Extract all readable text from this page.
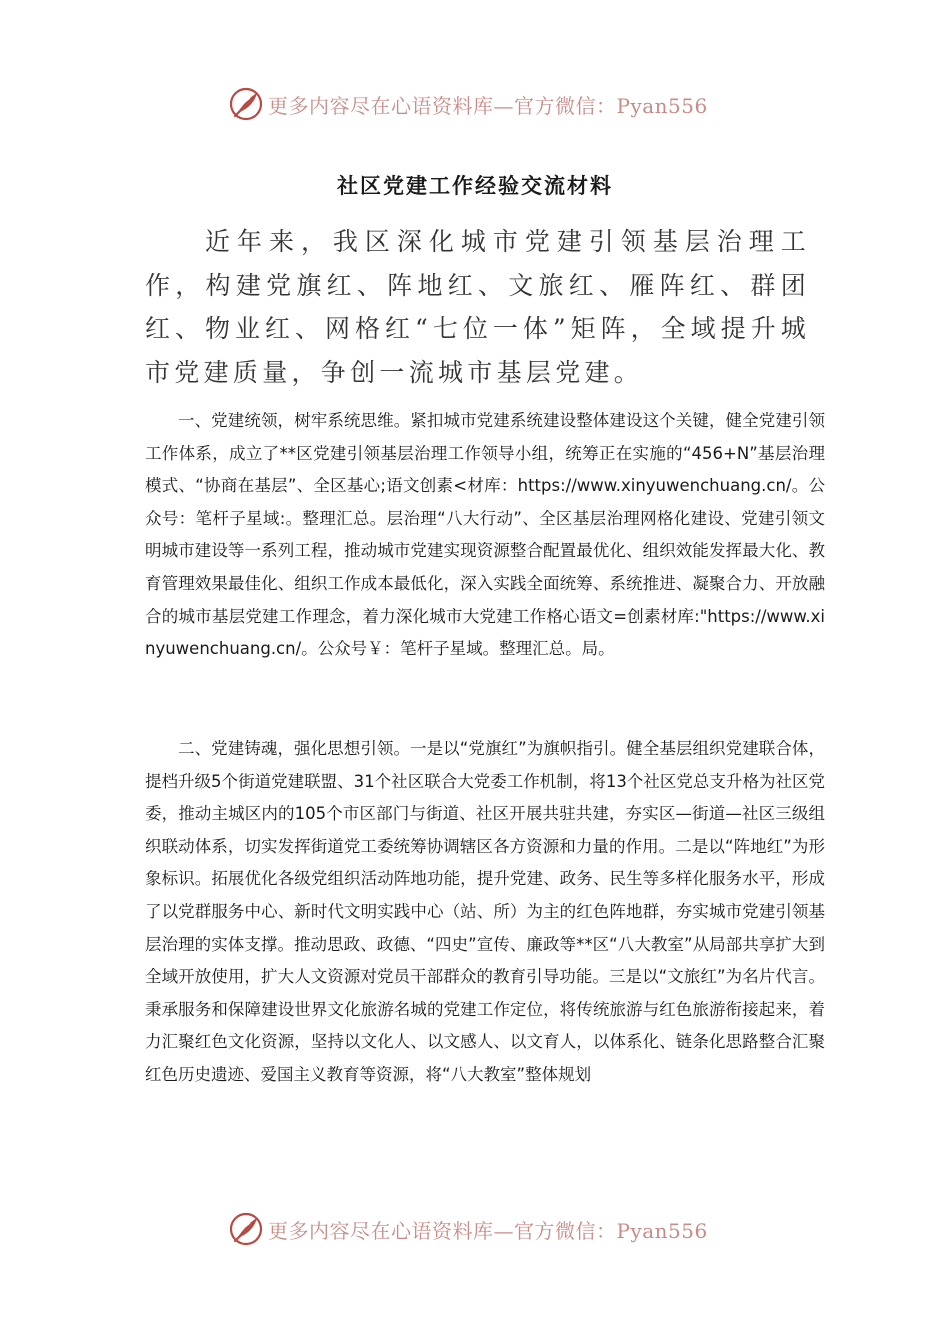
更多内容尽在心语资料库—官方微信：Pyan556
社区党建工作经验交流材料

近年来，我区深化城市党建引领基层治理工作，构建党旗红、阵地红、文旅红、雁阵红、群团红、物业红、网格红“七位一体”矩阵，全域提升城市党建质量，争创一流城市基层党建。

一、党建统领，树牢系统思维。紧扣城市党建系统建设整体建设这个关键，健全党建引领工作体系，成立了**区党建引领基层治理工作领导小组，统筹正在实施的“456+N”基层治理模式、“协商在基层”、全区基心;语文创素<材库：https://www.xinyuwenchuang.cn/。公众号：笔杆子星域:。整理汇总。层治理“八大行动”、全区基层治理网格化建设、党建引领文明城市建设等一系列工程，推动城市党建实现资源整合配置最优化、组织效能发挥最大化、教育管理效果最佳化、组织工作成本最低化，深入实践全面统筹、系统推进、凝聚合力、开放融合的城市基层党建工作理念，着力深化城市大党建工作格心语文=创素材库:"https://www.xinyuwenchuang.cn/。公众号￥：笔杆子星域。整理汇总。局。

二、党建铸魂，强化思想引领。一是以“党旗红”为旗帜指引。健全基层组织党建联合体，提档升级5个街道党建联盟、31个社区联合大党委工作机制，将13个社区党总支升格为社区党委，推动主城区内的105个市区部门与街道、社区开展共驻共建，夯实区—街道—社区三级组织联动体系，切实发挥街道党工委统筹协调辖区各方资源和力量的作用。二是以“阵地红”为形象标识。拓展优化各级党组织活动阵地功能，提升党建、政务、民生等多样化服务水平，形成了以党群服务中心、新时代文明实践中心（站、所）为主的红色阵地群，夯实城市党建引领基层治理的实体支撑。推动思政、政德、“四史”宣传、廉政等**区“八大教室”从局部共享扩大到全域开放使用，扩大人文资源对党员干部群众的教育引导功能。三是以“文旅红”为名片代言。秉承服务和保障建设世界文化旅游名城的党建工作定位，将传统旅游与红色旅游衔接起来，着力汇聚红色文化资源，坚持以文化人、以文感人、以文育人，以体系化、链条化思路整合汇聚红色历史遗迹、爱国主义教育等资源，将“八大教室”整体规划

更多内容尽在心语资料库—官方微信：Pyan556
